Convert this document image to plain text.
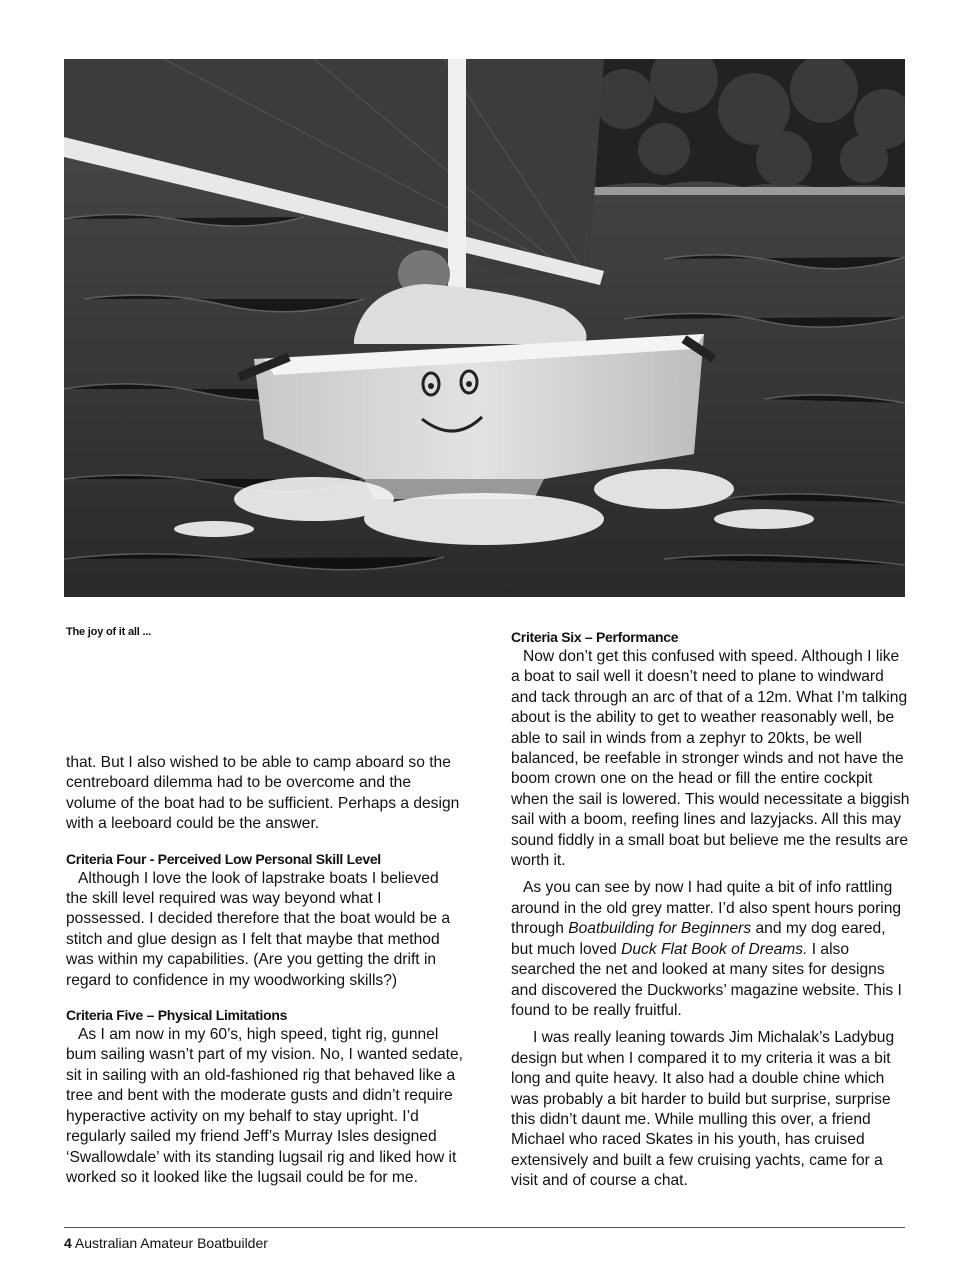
The joy of it all ...

that. But I also wished to be able to camp aboard so the centreboard dilemma had to be overcome and the volume of the boat had to be sufficient. Perhaps a design with a leeboard could be the answer.

Criteria Four - Perceived Low Personal Skill Level

Although I love the look of lapstrake boats I believed the skill level required was way beyond what I possessed. I decided therefore that the boat would be a stitch and glue design as I felt that maybe that method was within my capabilities. (Are you getting the drift in regard to confidence in my woodworking skills?)

Criteria Five – Physical Limitations

As I am now in my 60’s, high speed, tight rig, gunnel bum sailing wasn’t part of my vision. No, I wanted sedate, sit in sailing with an old-fashioned rig that behaved like a tree and bent with the moderate gusts and didn’t require hyperactive activity on my behalf to stay upright. I’d regularly sailed my friend Jeff’s Murray Isles designed ‘Swallowdale’ with its standing lugsail rig and liked how it worked so it looked like the lugsail could be for me.

Criteria Six – Performance

Now don’t get this confused with speed. Although I like a boat to sail well it doesn’t need to plane to windward and tack through an arc of that of a 12m. What I’m talking about is the ability to get to weather reasonably well, be able to sail in winds from a zephyr to 20kts, be well balanced, be reefable in stronger winds and not have the boom crown one on the head or fill the entire cockpit when the sail is lowered. This would necessitate a biggish sail with a boom, reefing lines and lazyjacks. All this may sound fiddly in a small boat but believe me the results are worth it.

As you can see by now I had quite a bit of info rattling around in the old grey matter. I’d also spent hours poring through Boatbuilding for Beginners and my dog eared, but much loved Duck Flat Book of Dreams. I also searched the net and looked at many sites for designs and discovered the Duckworks’ magazine website. This I found to be really fruitful.

I was really leaning towards Jim Michalak’s Ladybug design but when I compared it to my criteria it was a bit long and quite heavy. It also had a double chine which was probably a bit harder to build but surprise, surprise this didn’t daunt me. While mulling this over, a friend Michael who raced Skates in his youth, has cruised extensively and built a few cruising yachts, came for a visit and of course a chat.

4 Australian Amateur Boatbuilder
